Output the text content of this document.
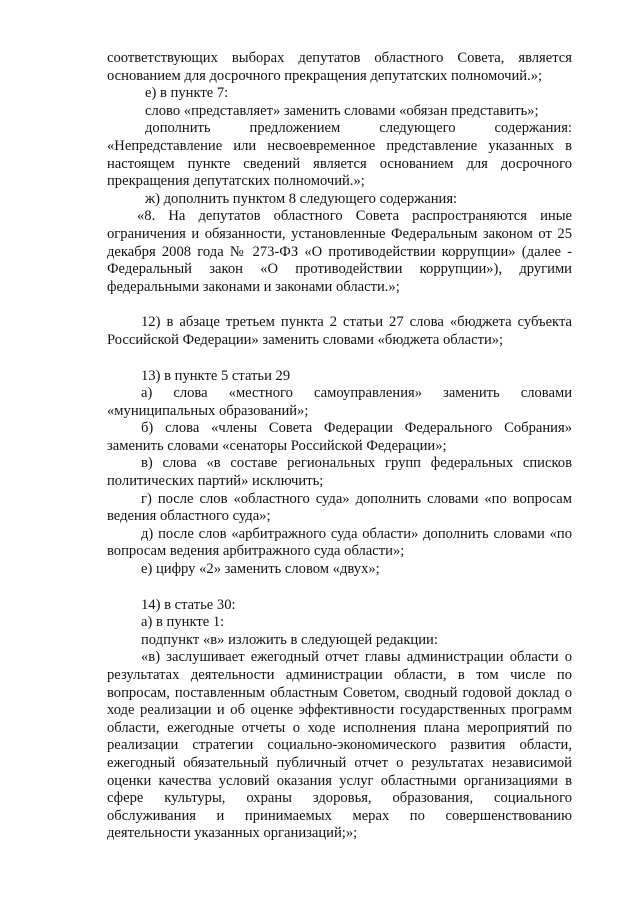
соответствующих выборах депутатов областного Совета, является основанием для досрочного прекращения депутатских полномочий.»;

е) в пункте 7:

слово «представляет» заменить словами «обязан представить»;

дополнить предложением следующего содержания:

«Непредставление или несвоевременное представление указанных в настоящем пункте сведений является основанием для досрочного прекращения депутатских полномочий.»;

ж) дополнить пунктом 8 следующего содержания:

«8. На депутатов областного Совета распространяются иные ограничения и обязанности, установленные Федеральным законом от 25 декабря 2008 года № 273-ФЗ «О противодействии коррупции» (далее - Федеральный закон «О противодействии коррупции»), другими федеральными законами и законами области.»;

12) в абзаце третьем пункта 2 статьи 27 слова «бюджета субъекта Российской Федерации» заменить словами «бюджета области»;

13) в пункте 5 статьи 29

а) слова «местного самоуправления» заменить словами «муниципальных образований»;

б) слова «члены Совета Федерации Федерального Собрания» заменить словами «сенаторы Российской Федерации»;

в) слова «в составе региональных групп федеральных списков политических партий» исключить;

г) после слов «областного суда» дополнить словами «по вопросам ведения областного суда»;

д) после слов «арбитражного суда области» дополнить словами «по вопросам ведения арбитражного суда области»;

е) цифру «2» заменить словом «двух»;

14) в статье 30:

а) в пункте 1:

подпункт «в» изложить в следующей редакции:

«в) заслушивает ежегодный отчет главы администрации области о результатах деятельности администрации области, в том числе по вопросам, поставленным областным Советом, сводный годовой доклад о ходе реализации и об оценке эффективности государственных программ области, ежегодные отчеты о ходе исполнения плана мероприятий по реализации стратегии социально-экономического развития области, ежегодный обязательный публичный отчет о результатах независимой оценки качества условий оказания услуг областными организациями в сфере культуры, охраны здоровья, образования, социального обслуживания и принимаемых мерах по совершенствованию деятельности указанных организаций;»;
